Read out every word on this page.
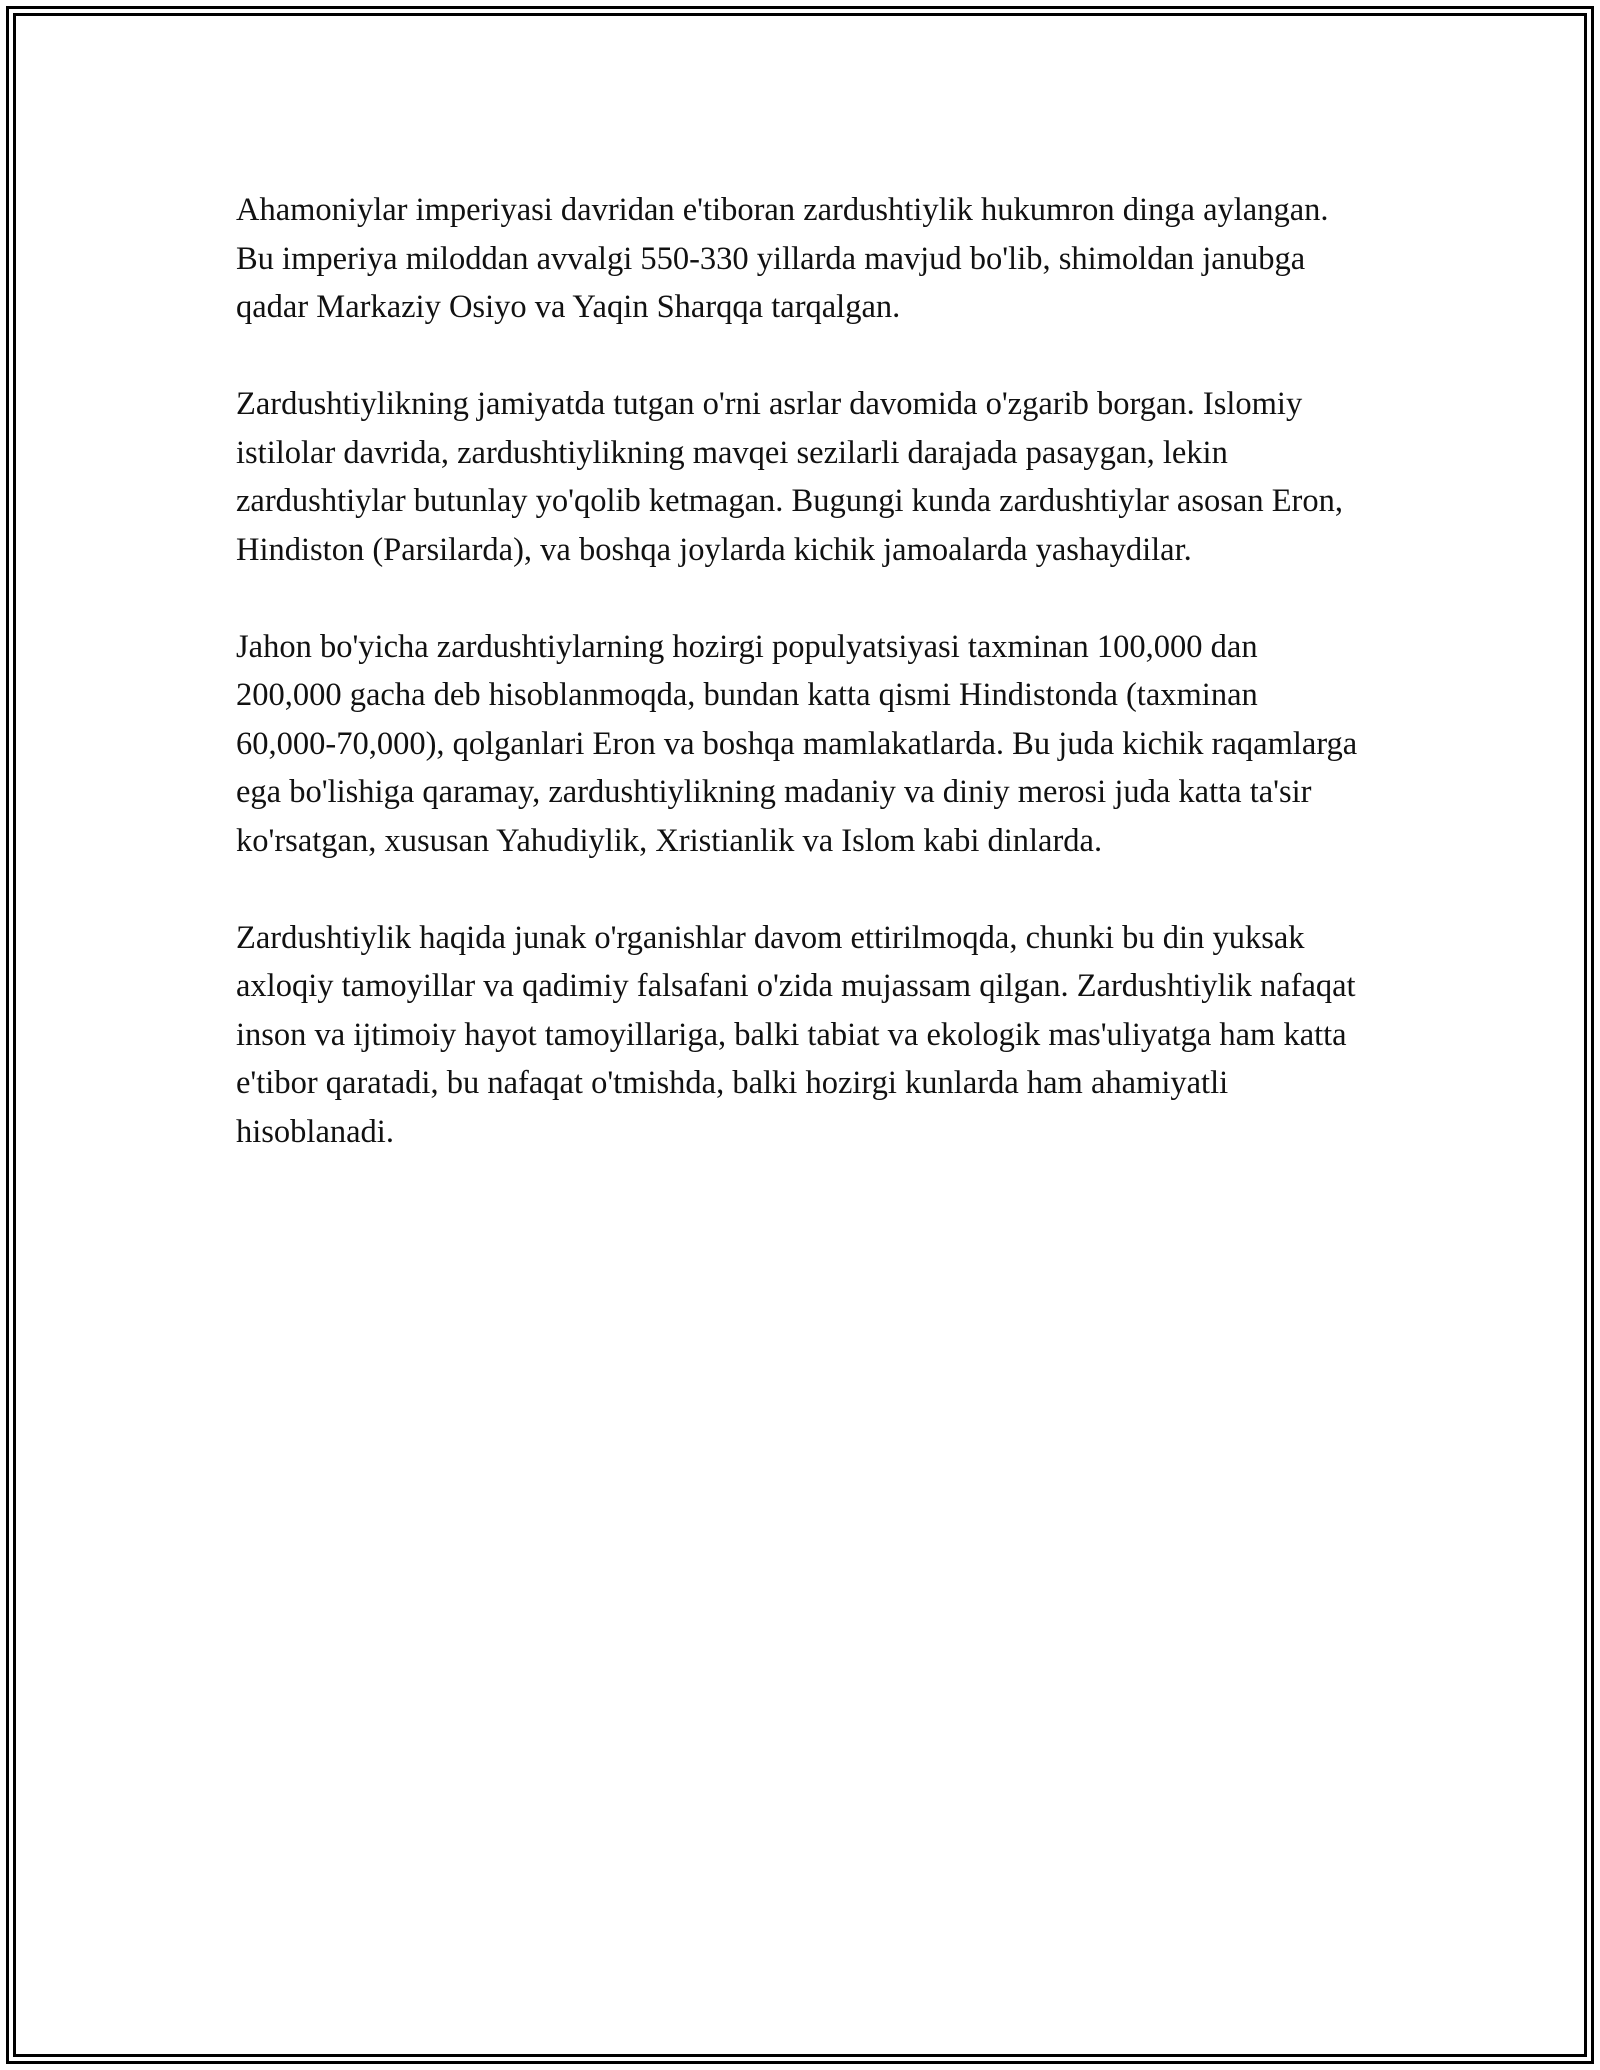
Ahamoniylar imperiyasi davridan e'tiboran zardushtiylik hukumron dinga aylangan. Bu imperiya miloddan avvalgi 550-330 yillarda mavjud bo'lib, shimoldan janubga qadar Markaziy Osiyo va Yaqin Sharqqa tarqalgan.

Zardushtiylikning jamiyatda tutgan o'rni asrlar davomida o'zgarib borgan. Islomiy istilolar davrida, zardushtiylikning mavqei sezilarli darajada pasaygan, lekin zardushtiylar butunlay yo'qolib ketmagan. Bugungi kunda zardushtiylar asosan Eron, Hindiston (Parsilarda), va boshqa joylarda kichik jamoalarda yashaydilar.

Jahon bo'yicha zardushtiylarning hozirgi populyatsiyasi taxminan 100,000 dan 200,000 gacha deb hisoblanmoqda, bundan katta qismi Hindistonda (taxminan 60,000-70,000), qolganlari Eron va boshqa mamlakatlarda. Bu juda kichik raqamlarga ega bo'lishiga qaramay, zardushtiylikning madaniy va diniy merosi juda katta ta'sir ko'rsatgan, xususan Yahudiylik, Xristianlik va Islom kabi dinlarda.

Zardushtiylik haqida junak o'rganishlar davom ettirilmoqda, chunki bu din yuksak axloqiy tamoyillar va qadimiy falsafani o'zida mujassam qilgan. Zardushtiylik nafaqat inson va ijtimoiy hayot tamoyillariga, balki tabiat va ekologik mas'uliyatga ham katta e'tibor qaratadi, bu nafaqat o'tmishda, balki hozirgi kunlarda ham ahamiyatli hisoblanadi.
